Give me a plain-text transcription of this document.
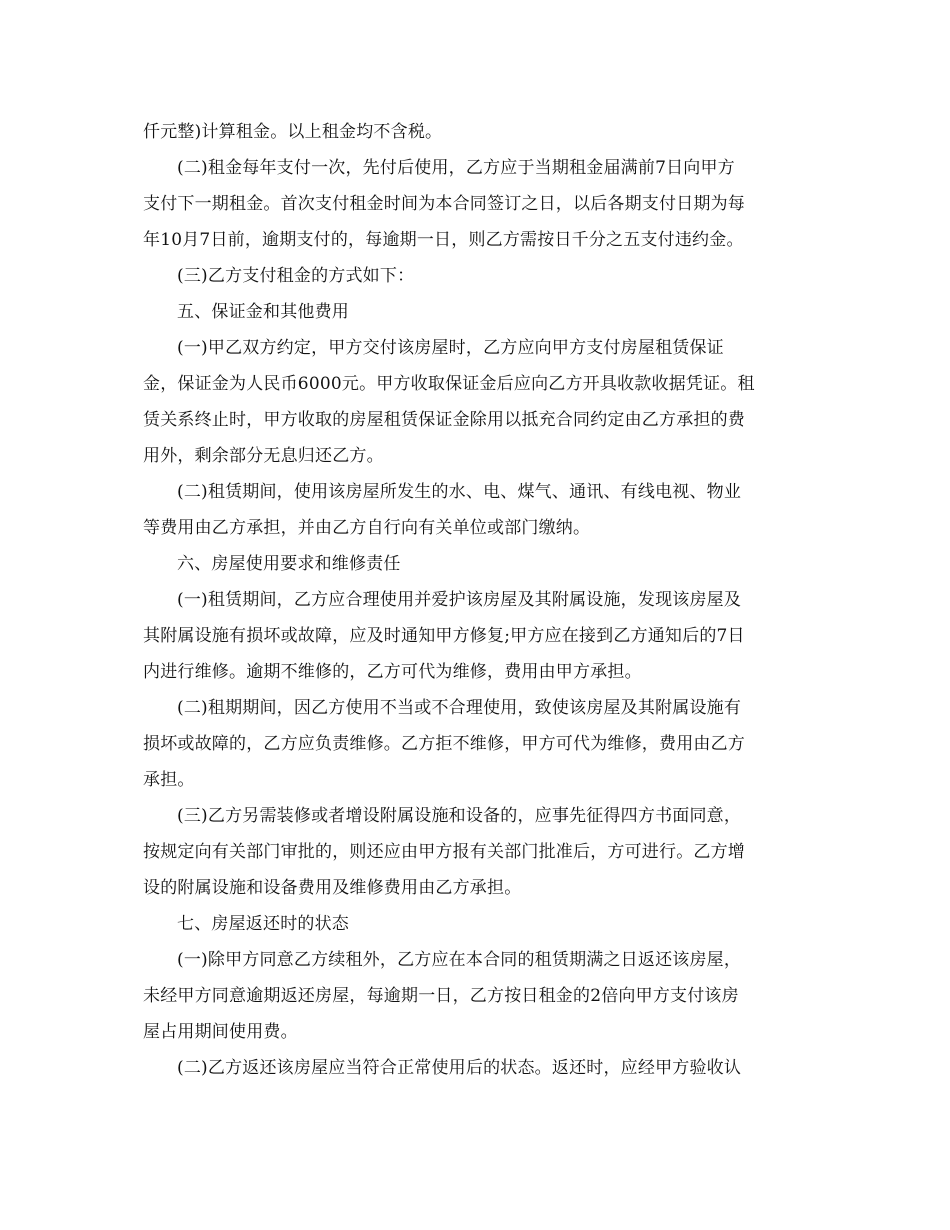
仟元整)计算租金。以上租金均不含税。
(二)租金每年支付一次，先付后使用，乙方应于当期租金届满前7日向甲方
支付下一期租金。首次支付租金时间为本合同签订之日，以后各期支付日期为每
年10月7日前，逾期支付的，每逾期一日，则乙方需按日千分之五支付违约金。
(三)乙方支付租金的方式如下：
五、保证金和其他费用
(一)甲乙双方约定，甲方交付该房屋时，乙方应向甲方支付房屋租赁保证
金，保证金为人民币6000元。甲方收取保证金后应向乙方开具收款收据凭证。租
赁关系终止时，甲方收取的房屋租赁保证金除用以抵充合同约定由乙方承担的费
用外，剩余部分无息归还乙方。
(二)租赁期间，使用该房屋所发生的水、电、煤气、通讯、有线电视、物业
等费用由乙方承担，并由乙方自行向有关单位或部门缴纳。
六、房屋使用要求和维修责任
(一)租赁期间，乙方应合理使用并爱护该房屋及其附属设施，发现该房屋及
其附属设施有损坏或故障，应及时通知甲方修复;甲方应在接到乙方通知后的7日
内进行维修。逾期不维修的，乙方可代为维修，费用由甲方承担。
(二)租期期间，因乙方使用不当或不合理使用，致使该房屋及其附属设施有
损坏或故障的，乙方应负责维修。乙方拒不维修，甲方可代为维修，费用由乙方
承担。
(三)乙方另需装修或者增设附属设施和设备的，应事先征得四方书面同意，
按规定向有关部门审批的，则还应由甲方报有关部门批准后，方可进行。乙方增
设的附属设施和设备费用及维修费用由乙方承担。
七、房屋返还时的状态
(一)除甲方同意乙方续租外，乙方应在本合同的租赁期满之日返还该房屋，
未经甲方同意逾期返还房屋，每逾期一日，乙方按日租金的2倍向甲方支付该房
屋占用期间使用费。
(二)乙方返还该房屋应当符合正常使用后的状态。返还时，应经甲方验收认
